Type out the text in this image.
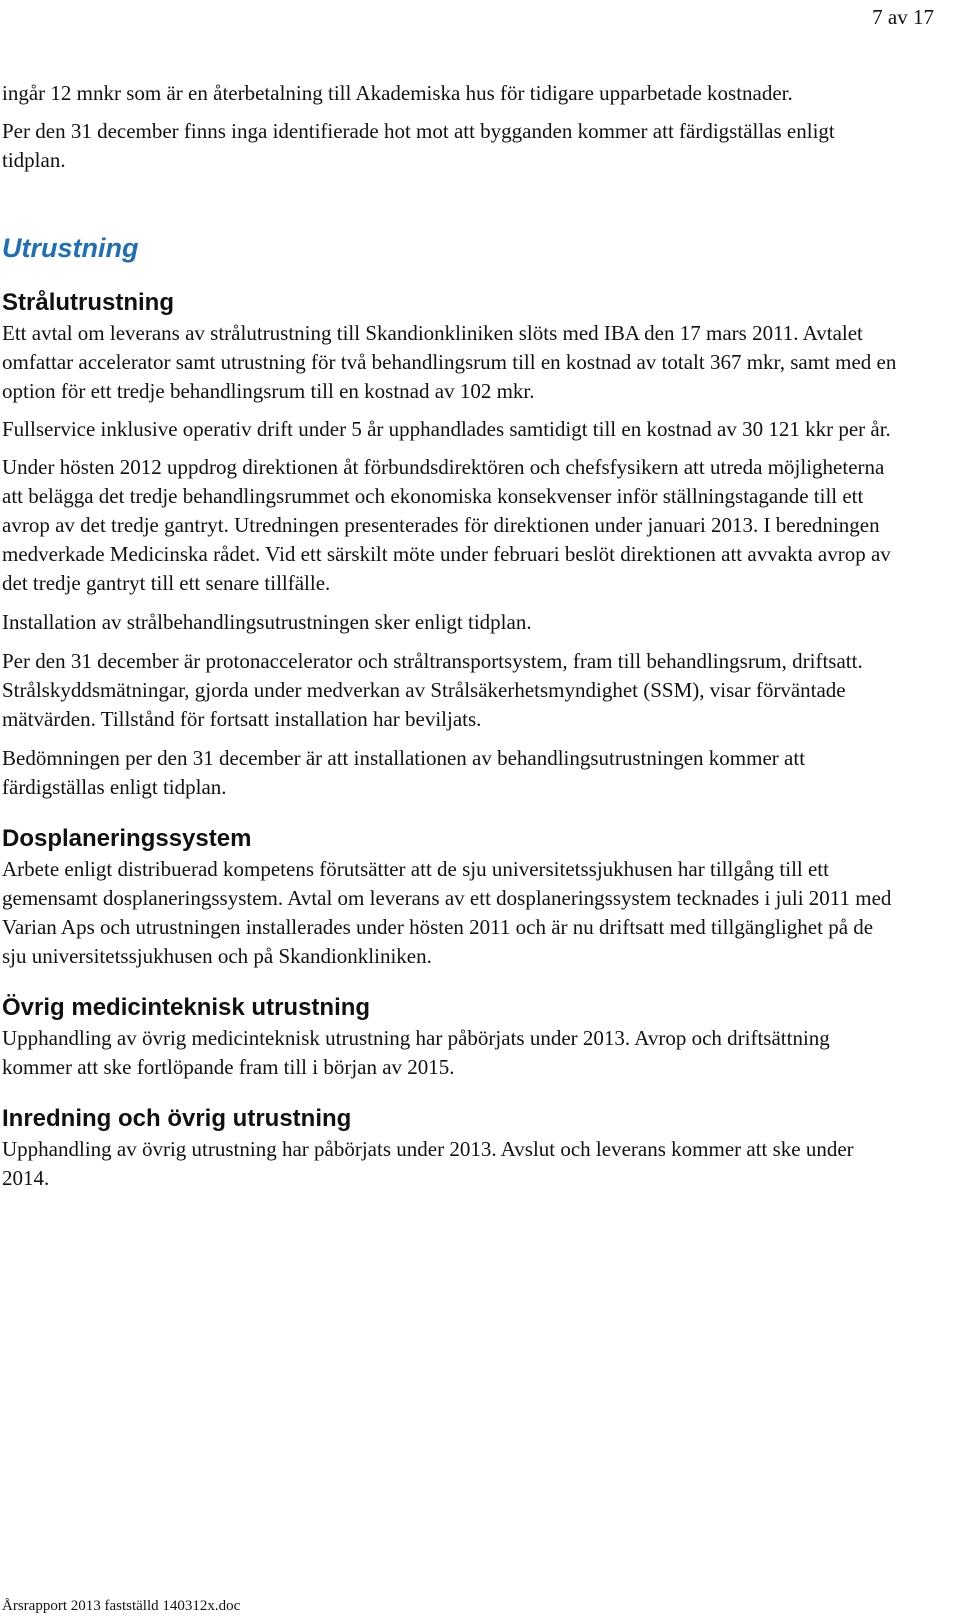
7 av 17

ingår 12 mnkr som är en återbetalning till Akademiska hus för tidigare upparbetade kostnader.

Per den 31 december finns inga identifierade hot mot att bygganden kommer att färdigställas enligt tidplan.

Utrustning
Strålutrustning

Ett avtal om leverans av strålutrustning till Skandionkliniken slöts med IBA den 17 mars 2011. Avtalet omfattar accelerator samt utrustning för två behandlingsrum till en kostnad av totalt 367 mkr, samt med en option för ett tredje behandlingsrum till en kostnad av 102 mkr.

Fullservice inklusive operativ drift under 5 år upphandlades samtidigt till en kostnad av 30 121 kkr per år.

Under hösten 2012 uppdrog direktionen åt förbundsdirektören och chefsfysikern att utreda möjligheterna att belägga det tredje behandlingsrummet och ekonomiska konsekvenser inför ställningstagande till ett avrop av det tredje gantryt. Utredningen presenterades för direktionen under januari 2013. I beredningen medverkade Medicinska rådet. Vid ett särskilt möte under februari beslöt direktionen att avvakta avrop av det tredje gantryt till ett senare tillfälle.

Installation av strålbehandlingsutrustningen sker enligt tidplan.

Per den 31 december är protonaccelerator och stråltransportsystem, fram till behandlingsrum, driftsatt. Strålskyddsmätningar, gjorda under medverkan av Strålsäkerhetsmyndighet (SSM), visar förväntade mätvärden. Tillstånd för fortsatt installation har beviljats.

Bedömningen per den 31 december är att installationen av behandlingsutrustningen kommer att färdigställas enligt tidplan.

Dosplaneringssystem

Arbete enligt distribuerad kompetens förutsätter att de sju universitetssjukhusen har tillgång till ett gemensamt dosplaneringssystem. Avtal om leverans av ett dosplaneringssystem tecknades i juli 2011 med Varian Aps och utrustningen installerades under hösten 2011 och är nu driftsatt med tillgänglighet på de sju universitetssjukhusen och på Skandionkliniken.

Övrig medicinteknisk utrustning

Upphandling av övrig medicinteknisk utrustning har påbörjats under 2013. Avrop och driftsättning kommer att ske fortlöpande fram till i början av 2015.

Inredning och övrig utrustning

Upphandling av övrig utrustning har påbörjats under 2013. Avslut och leverans kommer att ske under 2014.

Årsrapport 2013 fastställd 140312x.doc
